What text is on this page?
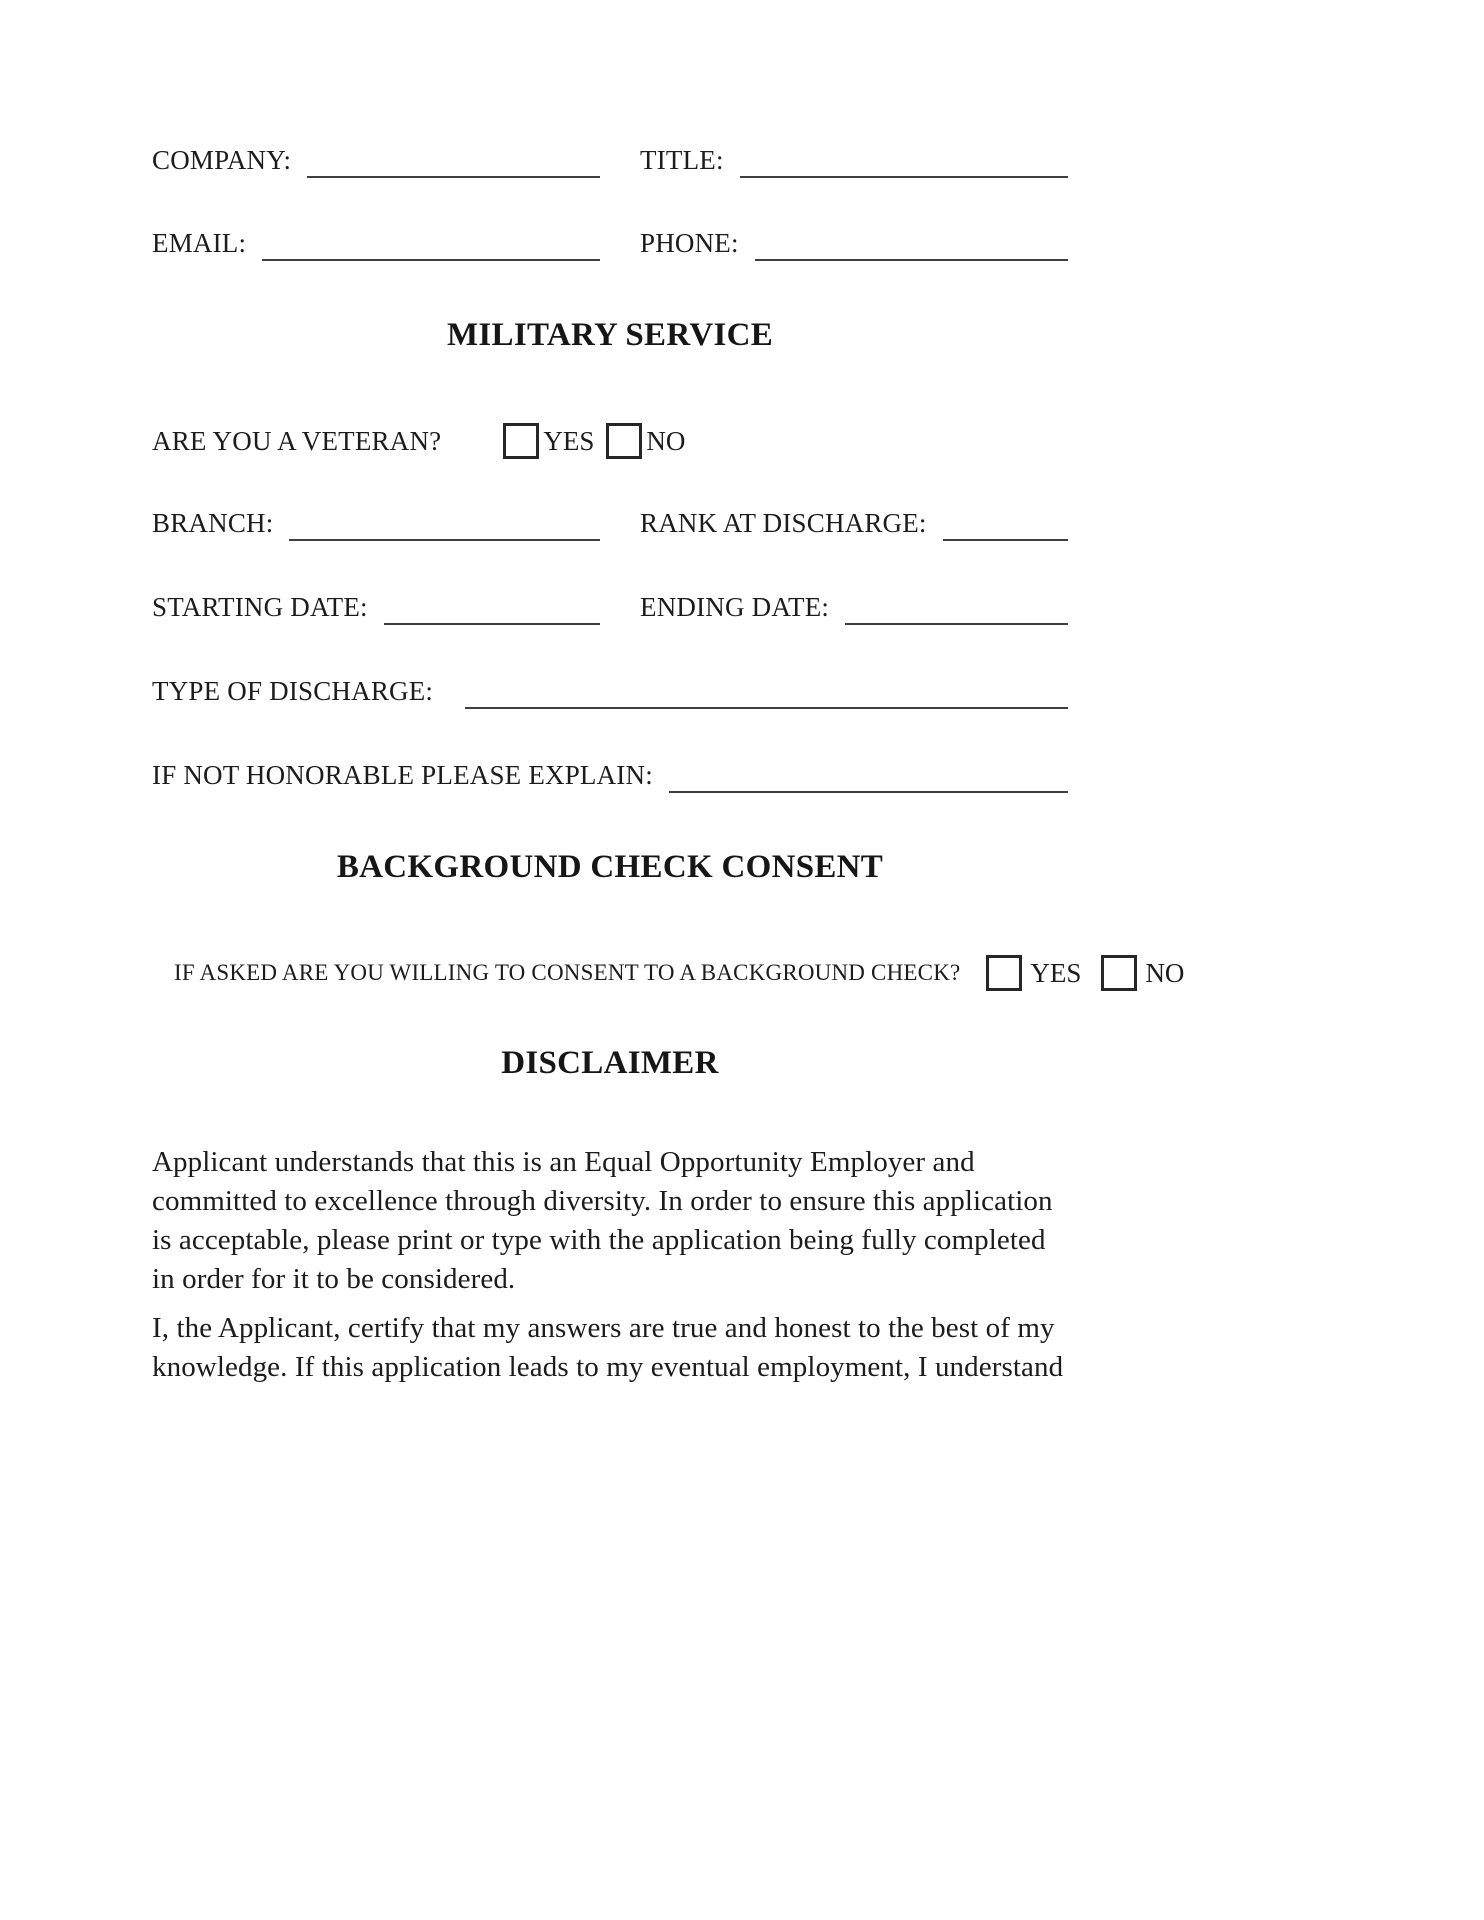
COMPANY:	TITLE:
EMAIL:	PHONE:
MILITARY SERVICE
ARE YOU A VETERAN?	YES NO
BRANCH:	RANK AT DISCHARGE:
STARTING DATE:	ENDING DATE:
TYPE OF DISCHARGE:
IF NOT HONORABLE PLEASE EXPLAIN:
BACKGROUND CHECK CONSENT
IF ASKED ARE YOU WILLING TO CONSENT TO A BACKGROUND CHECK?	YES NO
DISCLAIMER

Applicant understands that this is an Equal Opportunity Employer and committed to excellence through diversity. In order to ensure this application is acceptable, please print or type with the application being fully completed in order for it to be considered.

I, the Applicant, certify that my answers are true and honest to the best of my knowledge. If this application leads to my eventual employment, I understand
